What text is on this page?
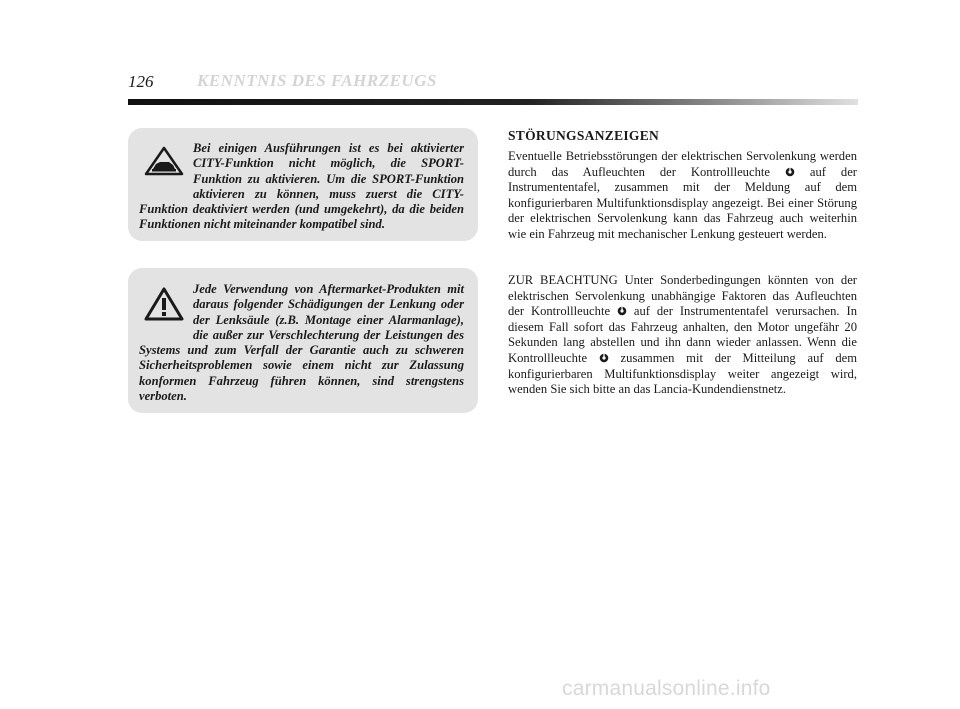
126	KENNTNIS DES FAHRZEUGS
Bei einigen Ausführungen ist es bei aktivierter CITY-Funktion nicht möglich, die SPORT-Funktion zu aktivieren. Um die SPORT-Funktion aktivieren zu können, muss zuerst die CITY-Funktion deaktiviert werden (und umgekehrt), da die beiden Funktionen nicht miteinander kompatibel sind.
Jede Verwendung von Aftermarket-Produkten mit daraus folgender Schädigungen der Lenkung oder der Lenksäule (z.B. Montage einer Alarmanlage), die außer zur Verschlechterung der Leistungen des Systems und zum Verfall der Garantie auch zu schweren Sicherheitsproblemen sowie einem nicht zur Zulassung konformen Fahrzeug führen können, sind strengstens verboten.
STÖRUNGSANZEIGEN
Eventuelle Betriebsstörungen der elektrischen Servolenkung werden durch das Aufleuchten der Kontrollleuchte  auf der Instrumententafel, zusammen mit der Meldung auf dem konfigurierbaren Multifunktionsdisplay angezeigt. Bei einer Störung der elektrischen Servolenkung kann das Fahrzeug auch weiterhin wie ein Fahrzeug mit mechanischer Lenkung gesteuert werden.
ZUR BEACHTUNG Unter Sonderbedingungen könnten von der elektrischen Servolenkung unabhängige Faktoren das Aufleuchten der Kontrollleuchte  auf der Instrumententafel verursachen. In diesem Fall sofort das Fahrzeug anhalten, den Motor ungefähr 20 Sekunden lang abstellen und ihn dann wieder anlassen. Wenn die Kontrollleuchte  zusammen mit der Mitteilung auf dem konfigurierbaren Multifunktionsdisplay weiter angezeigt wird, wenden Sie sich bitte an das Lancia-Kundendienstnetz.
carmanualsonline.info
